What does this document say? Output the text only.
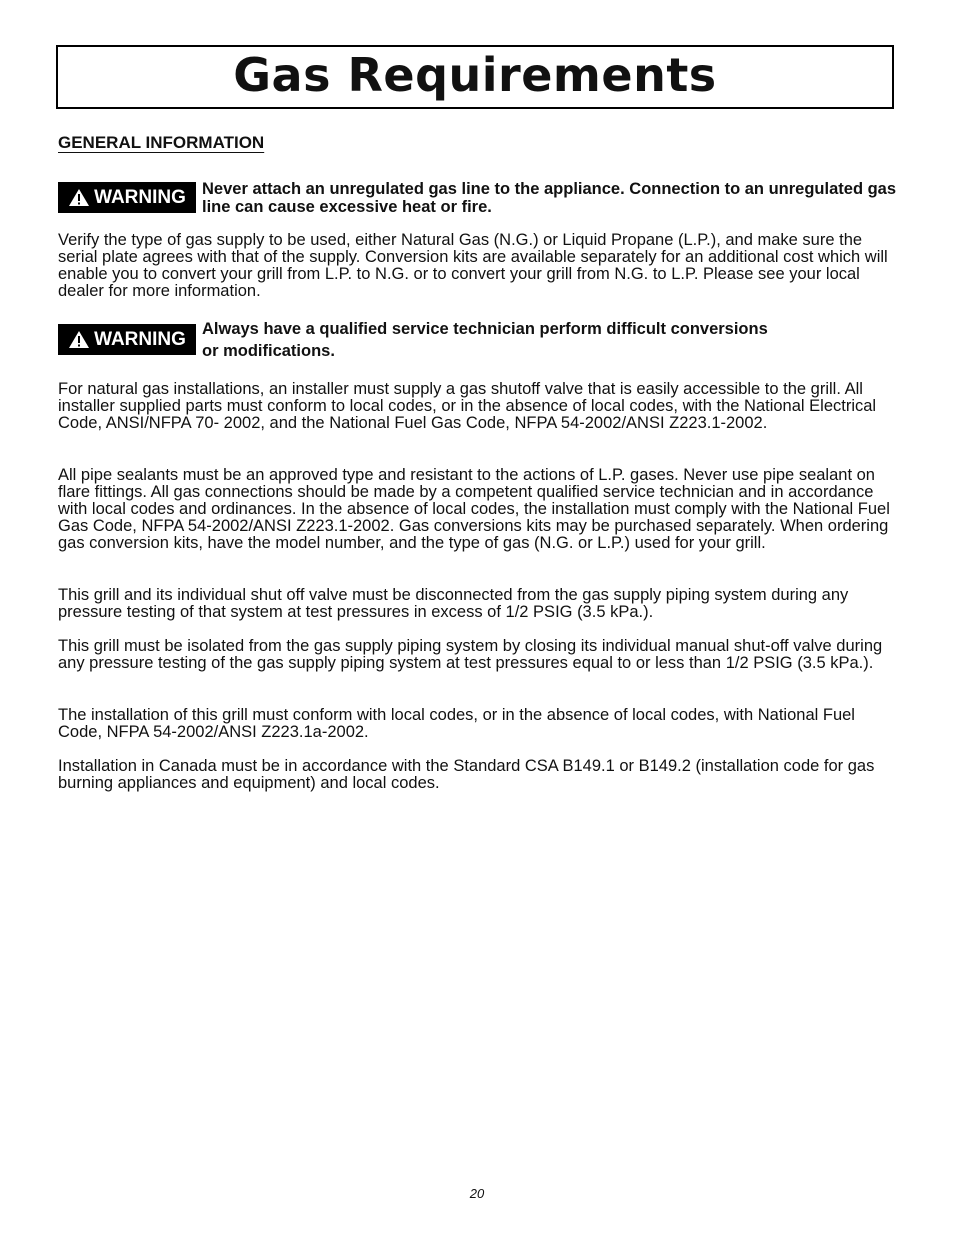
Gas Requirements
GENERAL INFORMATION
WARNING Never attach an unregulated gas line to the appliance. Connection to an unregulated gas line can cause excessive heat or fire.

Verify the type of gas supply to be used, either Natural Gas (N.G.) or Liquid Propane (L.P.), and make sure the serial plate agrees with that of the supply. Conversion kits are available separately for an additional cost which will enable you to convert your grill from L.P. to N.G. or to convert your grill from N.G. to L.P. Please see your local dealer for more information.

WARNING Always have a qualified service technician perform difficult conversions
or modifications.

For natural gas installations, an installer must supply a gas shutoff valve that is easily accessible to the grill. All installer supplied parts must conform to local codes, or in the absence of local codes, with the National Electrical Code, ANSI/NFPA 70- 2002, and the National Fuel Gas Code, NFPA 54-2002/ANSI Z223.1-2002.

All pipe sealants must be an approved type and resistant to the actions of L.P. gases. Never use pipe sealant on flare fittings. All gas connections should be made by a competent qualified service technician and in accordance with local codes and ordinances. In the absence of local codes, the installation must comply with the National Fuel Gas Code, NFPA 54-2002/ANSI Z223.1-2002. Gas conversions kits may be purchased separately. When ordering gas conversion kits, have the model number, and the type of gas (N.G. or L.P.) used for your grill.

This grill and its individual shut off valve must be disconnected from the gas supply piping system during any pressure testing of that system at test pressures in excess of 1/2 PSIG (3.5 kPa.).

This grill must be isolated from the gas supply piping system by closing its individual manual shut-off valve during any pressure testing of the gas supply piping system at test pressures equal to or less than 1/2 PSIG (3.5 kPa.).

The installation of this grill must conform with local codes, or in the absence of local codes, with National Fuel Code, NFPA 54-2002/ANSI Z223.1a-2002.

Installation in Canada must be in accordance with the Standard CSA B149.1 or B149.2 (installation code for gas burning appliances and equipment) and local codes.

20
